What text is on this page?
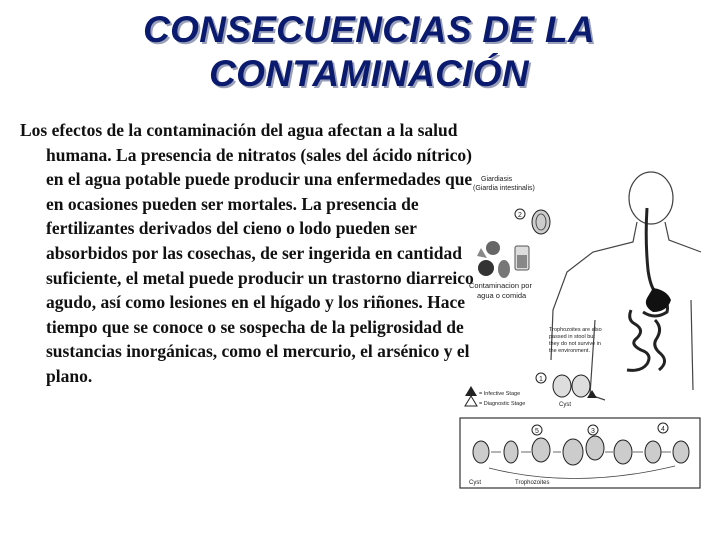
CONSECUENCIAS DE LA
CONTAMINACIÓN
Los efectos de la contaminación del agua afectan a la salud humana. La presencia de nitratos (sales del ácido nítrico) en el agua potable puede producir una enfermedades que en ocasiones pueden ser mortales. La presencia de fertilizantes derivados del cieno o lodo pueden ser absorbidos por las cosechas, de ser ingerida en cantidad suficiente, el metal puede producir un trastorno diarreico agudo, así como lesiones en el hígado y los riñones. Hace tiempo que se conoce o se sospecha de la peligrosidad de sustancias inorgánicas, como el mercurio, el arsénico y el plano.
Giardiasis
(Giardia intestinalis)
2
Contaminacion por
agua o comida
Trophozoites are also
passed in stool but
they do not survive in
the environment.
= Infective Stage
= Diagnostic Stage
1
Cyst
3	4
5
Cyst	Trophozoites
